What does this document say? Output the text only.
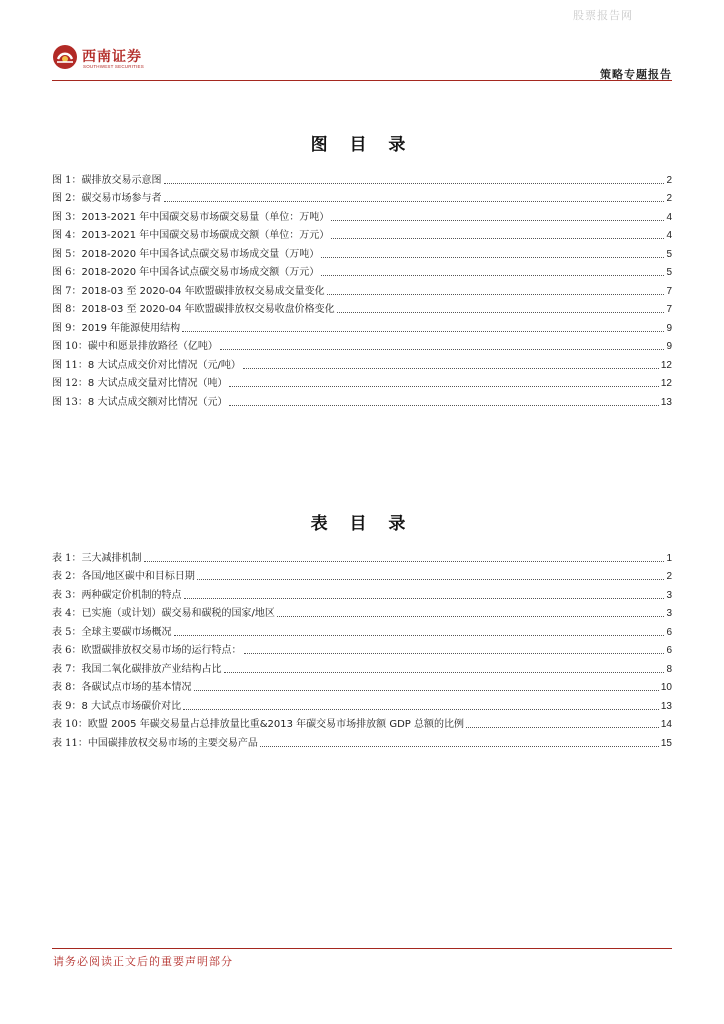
股票报告网
西南证券
SOUTHWEST SECURITIES
策略专题报告
图 目 录
图 1： 碳排放交易示意图	2
图 2： 碳交易市场参与者	2
图 3： 2013-2021 年中国碳交易市场碳交易量（单位：万吨）	4
图 4： 2013-2021 年中国碳交易市场碳成交额（单位：万元）	4
图 5： 2018-2020 年中国各试点碳交易市场成交量（万吨）	5
图 6： 2018-2020 年中国各试点碳交易市场成交额（万元）	5
图 7： 2018-03 至 2020-04 年欧盟碳排放权交易成交量变化	7
图 8： 2018-03 至 2020-04 年欧盟碳排放权交易收盘价格变化	7
图 9： 2019 年能源使用结构	9
图 10： 碳中和愿景排放路径（亿吨）	9
图 11： 8 大试点成交价对比情况（元/吨）	12
图 12： 8 大试点成交量对比情况（吨）	12
图 13： 8 大试点成交额对比情况（元）	13
表 目 录
表 1： 三大减排机制	1
表 2： 各国/地区碳中和目标日期	2
表 3： 两种碳定价机制的特点	3
表 4： 已实施（或计划）碳交易和碳税的国家/地区	3
表 5： 全球主要碳市场概况	6
表 6： 欧盟碳排放权交易市场的运行特点：	6
表 7： 我国二氧化碳排放产业结构占比	8
表 8： 各碳试点市场的基本情况	10
表 9： 8 大试点市场碳价对比	13
表 10： 欧盟 2005 年碳交易量占总排放量比重&2013 年碳交易市场排放额 GDP 总额的比例	14
表 11： 中国碳排放权交易市场的主要交易产品	15
请务必阅读正文后的重要声明部分
